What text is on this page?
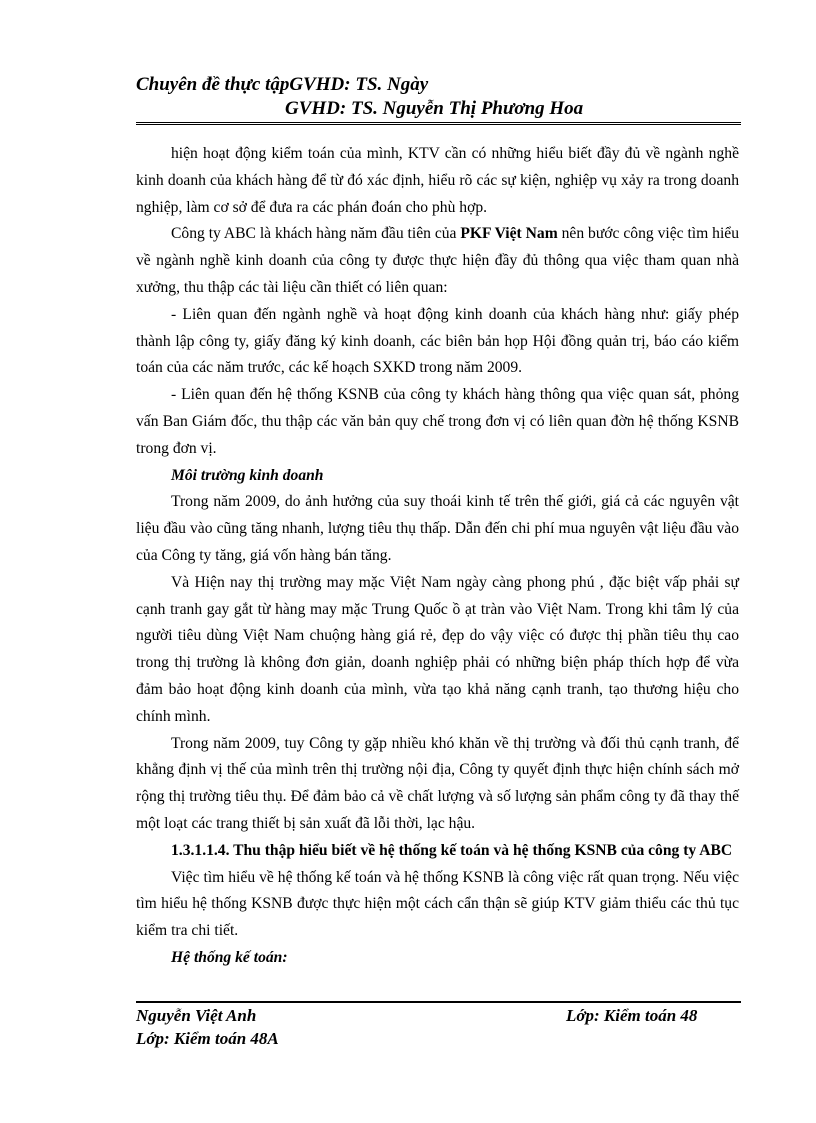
Chuyên đề thực tậpGVHD: TS. Ngày
GVHD: TS. Nguyễn Thị Phương Hoa

hiện hoạt động kiểm toán của mình, KTV cần có những hiểu biết đầy đủ về ngành nghề kinh doanh của khách hàng để từ đó xác định, hiểu rõ các sự kiện, nghiệp vụ xảy ra trong doanh nghiệp, làm cơ sở để đưa ra các phán đoán cho phù hợp.

Công ty ABC là khách hàng năm đầu tiên của PKF Việt Nam nên bước công việc tìm hiểu về ngành nghề kinh doanh của công ty được thực hiện đầy đủ thông qua việc tham quan nhà xưởng, thu thập các tài liệu cần thiết có liên quan:

- Liên quan đến ngành nghề và hoạt động kinh doanh của khách hàng như: giấy phép thành lập công ty, giấy đăng ký kinh doanh, các biên bản họp Hội đồng quản trị, báo cáo kiểm toán của các năm trước, các kế hoạch SXKD trong năm 2009.

- Liên quan đến hệ thống KSNB của công ty khách hàng thông qua việc quan sát, phỏng vấn Ban Giám đốc, thu thập các văn bản quy chế trong đơn vị có liên quan đờn hệ thống KSNB trong đơn vị.

Môi trường kinh doanh

Trong năm 2009, do ảnh hưởng của suy thoái kinh tế trên thế giới, giá cả các nguyên vật liệu đầu vào cũng tăng nhanh, lượng tiêu thụ thấp. Dẫn đến chi phí mua nguyên vật liệu đầu vào của Công ty tăng, giá vốn hàng bán tăng.

Và Hiện nay thị trường may mặc Việt Nam ngày càng phong phú , đặc biệt vấp phải sự cạnh tranh gay gắt từ hàng may mặc Trung Quốc ồ ạt tràn vào Việt Nam. Trong khi tâm lý của người tiêu dùng Việt Nam chuộng hàng giá rẻ, đẹp do vậy việc có được thị phần tiêu thụ cao trong thị trường là không đơn giản, doanh nghiệp phải có những biện pháp thích hợp để vừa đảm bảo hoạt động kinh doanh của mình, vừa tạo khả năng cạnh tranh, tạo thương hiệu cho chính mình.

Trong năm 2009, tuy Công ty gặp nhiều khó khăn về thị trường và đối thủ cạnh tranh, để khẳng định vị thế của mình trên thị trường nội địa, Công ty quyết định thực hiện chính sách mở rộng thị trường tiêu thụ. Để đảm bảo cả về chất lượng và số lượng sản phẩm công ty đã thay thế một loạt các trang thiết bị sản xuất đã lỗi thời, lạc hậu.

1.3.1.1.4. Thu thập hiểu biết về hệ thống kế toán và hệ thống KSNB của công ty ABC

Việc tìm hiểu về hệ thống kế toán và hệ thống KSNB là công việc rất quan trọng. Nếu việc tìm hiểu hệ thống KSNB được thực hiện một cách cẩn thận sẽ giúp KTV giảm thiểu các thủ tục kiểm tra chi tiết.

Hệ thống kế toán:

Nguyễn Việt Anh	Lớp: Kiểm toán 48
Lớp: Kiểm toán 48A
